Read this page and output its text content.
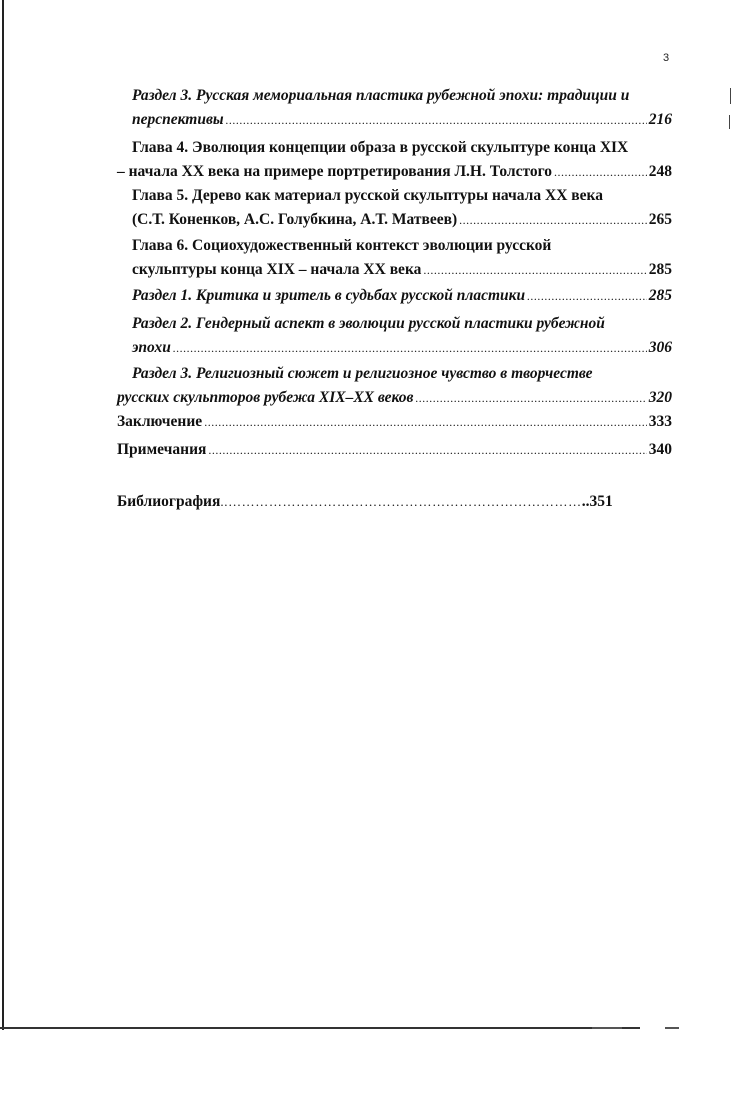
3
Раздел 3. Русская мемориальная пластика рубежной эпохи: традиции и
перспективы .....	216
Глава 4. Эволюция концепции образа в русской скульптуре конца XIX
– начала XX века на примере портретирования Л.Н. Толстого .....	248
Глава 5. Дерево как материал русской скульптуры начала XX века
(С.Т. Коненков, А.С. Голубкина, А.Т. Матвеев) .....	265
Глава 6. Социохудожественный контекст эволюции русской
скульптуры конца XIX – начала XX века .....	285
Раздел 1. Критика и зритель в судьбах русской пластики .....	285
Раздел 2. Гендерный аспект в эволюции русской пластики рубежной
эпохи .....	306
Раздел 3. Религиозный сюжет и религиозное чувство в творчестве
русских скульпторов рубежа XIX–XX веков .....	320
Заключение .....	333
Примечания .....	340
Библиография..……………………………………………………………………..351
